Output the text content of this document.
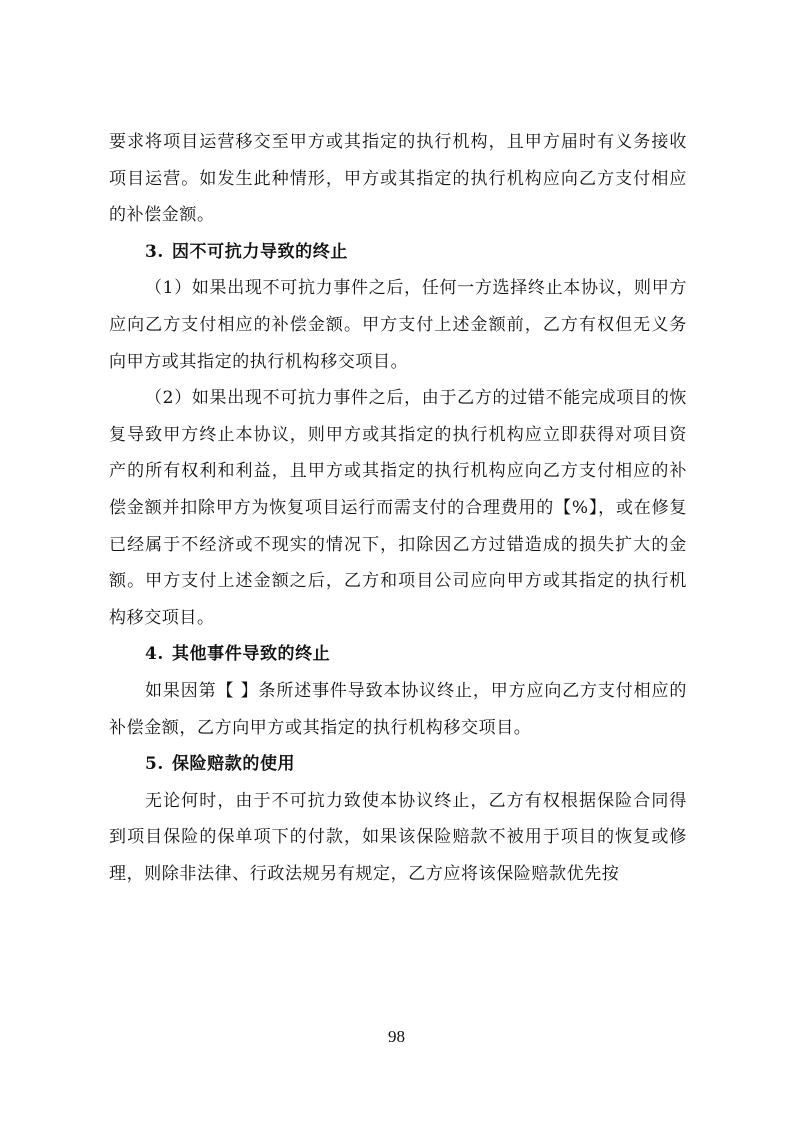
要求将项目运营移交至甲方或其指定的执行机构，且甲方届时有义务接收项目运营。如发生此种情形，甲方或其指定的执行机构应向乙方支付相应的补偿金额。

3. 因不可抗力导致的终止

（1）如果出现不可抗力事件之后，任何一方选择终止本协议，则甲方应向乙方支付相应的补偿金额。甲方支付上述金额前，乙方有权但无义务向甲方或其指定的执行机构移交项目。

（2）如果出现不可抗力事件之后，由于乙方的过错不能完成项目的恢复导致甲方终止本协议，则甲方或其指定的执行机构应立即获得对项目资产的所有权利和利益，且甲方或其指定的执行机构应向乙方支付相应的补偿金额并扣除甲方为恢复项目运行而需支付的合理费用的【%】，或在修复已经属于不经济或不现实的情况下，扣除因乙方过错造成的损失扩大的金额。甲方支付上述金额之后，乙方和项目公司应向甲方或其指定的执行机构移交项目。

4. 其他事件导致的终止

如果因第【 】条所述事件导致本协议终止，甲方应向乙方支付相应的补偿金额，乙方向甲方或其指定的执行机构移交项目。

5. 保险赔款的使用

无论何时，由于不可抗力致使本协议终止，乙方有权根据保险合同得到项目保险的保单项下的付款，如果该保险赔款不被用于项目的恢复或修理，则除非法律、行政法规另有规定，乙方应将该保险赔款优先按

98
